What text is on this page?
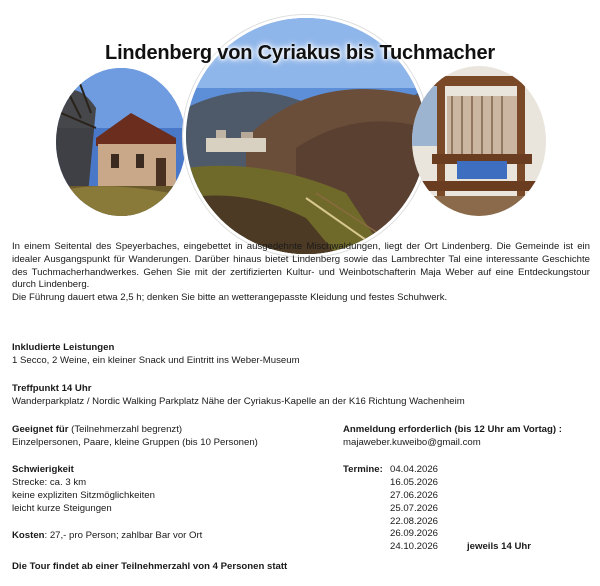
Lindenberg von Cyriakus bis Tuchmacher

In einem Seitental des Speyerbaches, eingebettet in ausgedehnte Mischwaldungen, liegt der Ort Lindenberg. Die Gemeinde ist ein idealer Ausgangspunkt für Wanderungen. Darüber hinaus bietet Lindenberg sowie das Lambrechter Tal eine interessante Geschichte des Tuchmacherhandwerkes. Gehen Sie mit der zertifizierten Kultur- und Weinbotschafterin Maja Weber auf eine Entdeckungstour durch Lindenberg.

Die Führung dauert etwa 2,5 h; denken Sie bitte an wetterangepasste Kleidung und festes Schuhwerk.

Inkludierte Leistungen
1 Secco, 2 Weine, ein kleiner Snack und Eintritt ins Weber-Museum
Treffpunkt 14 Uhr
Wanderparkplatz / Nordic Walking Parkplatz Nähe der Cyriakus-Kapelle an der K16 Richtung Wachenheim
Geeignet für (Teilnehmerzahl begrenzt)
Einzelpersonen, Paare, kleine Gruppen (bis 10 Personen)
Anmeldung erforderlich (bis 12 Uhr am Vortag) :
majaweber.kuweibo@gmail.com
Schwierigkeit
Strecke: ca. 3 km
keine expliziten Sitzmöglichkeiten
leicht kurze Steigungen
Kosten: 27,- pro Person; zahlbar Bar vor Ort
Termine: 04.04.2026
16.05.2026
27.06.2026
25.07.2026
22.08.2026
26.09.2026
24.10.2026	jeweils 14 Uhr
Die Tour findet ab einer Teilnehmerzahl von 4 Personen statt
